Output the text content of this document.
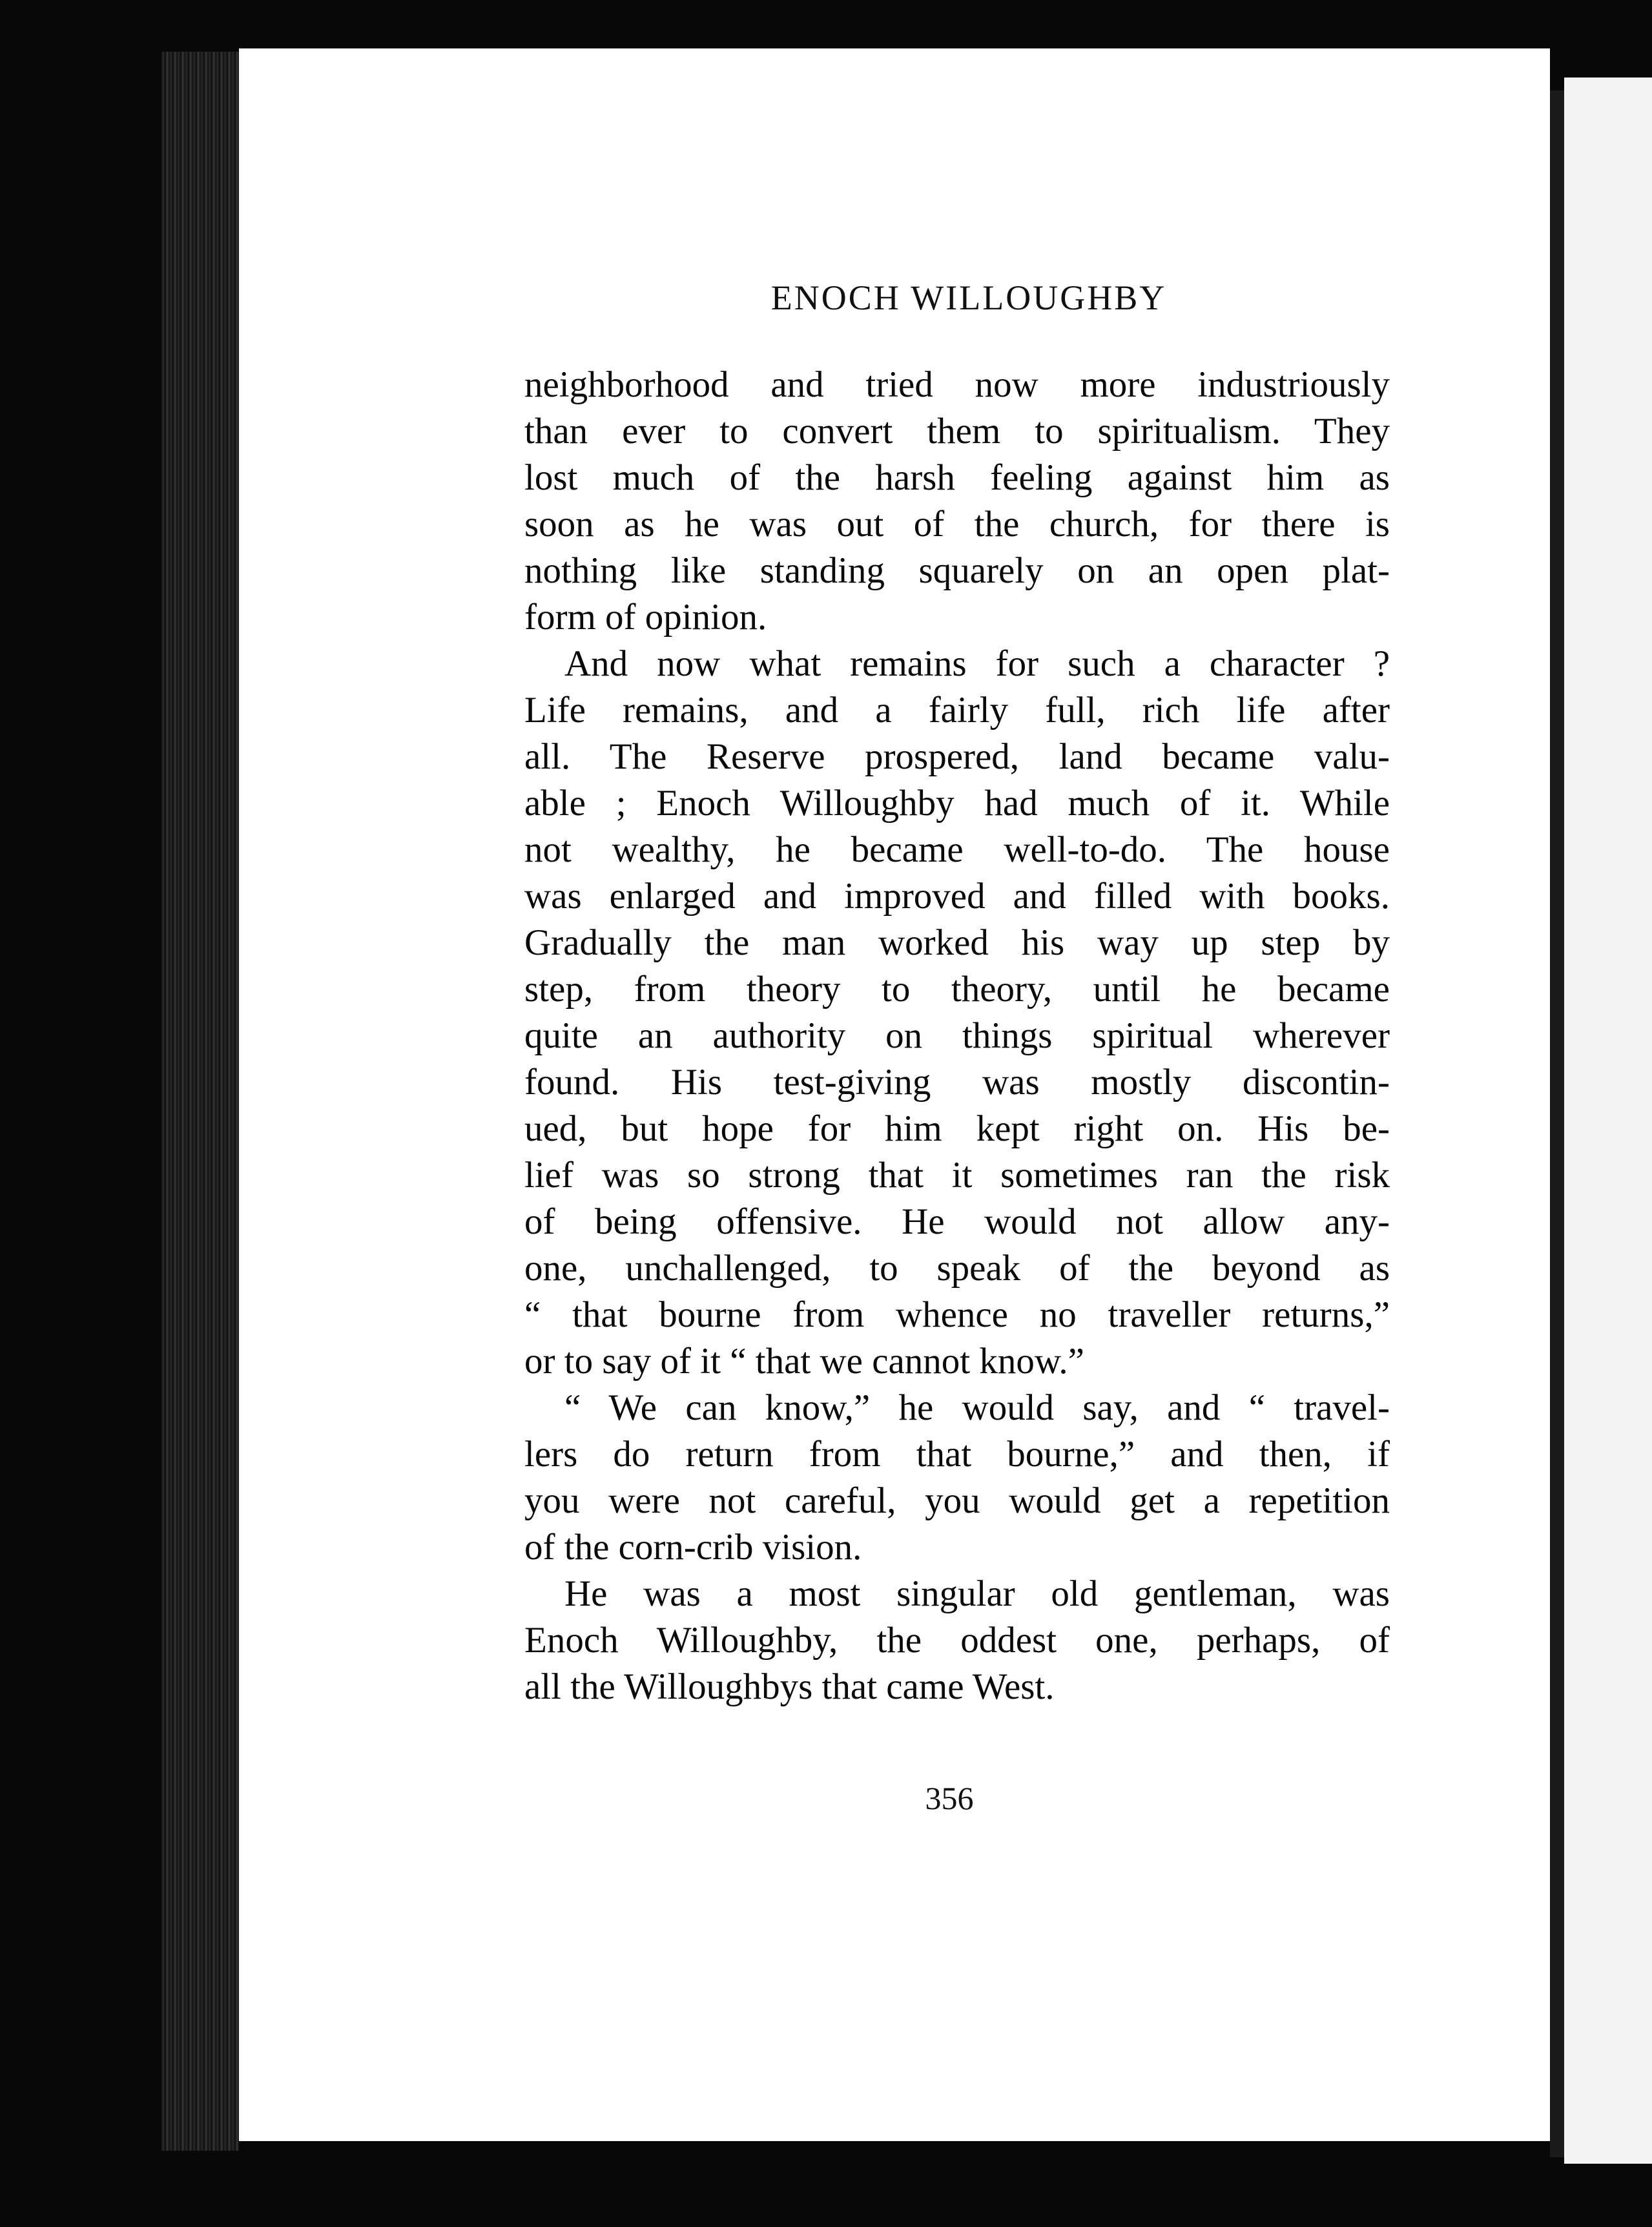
ENOCH WILLOUGHBY
neighborhood and tried now more industriously
than ever to convert them to spiritualism. They
lost much of the harsh feeling against him as
soon as he was out of the church, for there is
nothing like standing squarely on an open plat-
form of opinion.
And now what remains for such a character ?
Life remains, and a fairly full, rich life after
all. The Reserve prospered, land became valu-
able ; Enoch Willoughby had much of it. While
not wealthy, he became well-to-do. The house
was enlarged and improved and filled with books.
Gradually the man worked his way up step by
step, from theory to theory, until he became
quite an authority on things spiritual wherever
found. His test-giving was mostly discontin-
ued, but hope for him kept right on. His be-
lief was so strong that it sometimes ran the risk
of being offensive. He would not allow any-
one, unchallenged, to speak of the beyond as
“ that bourne from whence no traveller returns,”
or to say of it “ that we cannot know.”
“ We can know,” he would say, and “ travel-
lers do return from that bourne,” and then, if
you were not careful, you would get a repetition
of the corn-crib vision.
He was a most singular old gentleman, was
Enoch Willoughby, the oddest one, perhaps, of
all the Willoughbys that came West.
356
